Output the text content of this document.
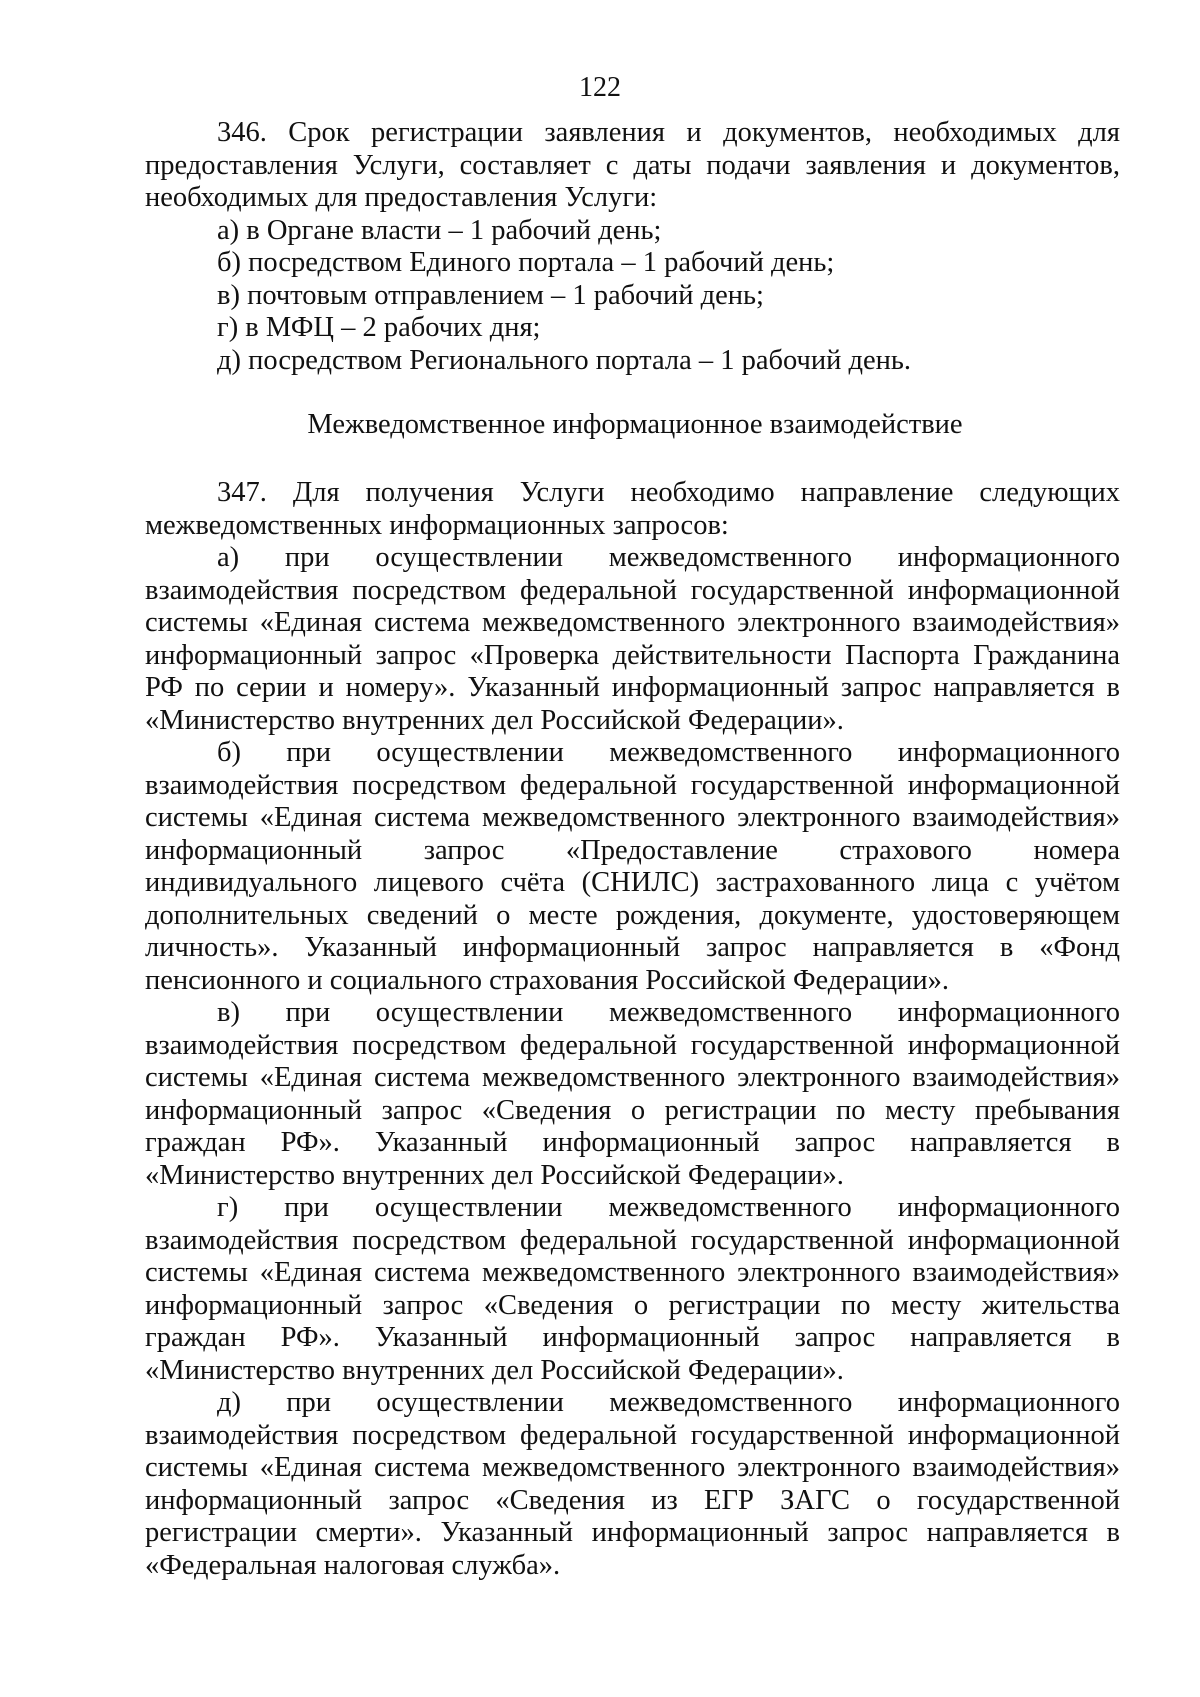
122

346. Срок регистрации заявления и документов, необходимых для предоставления Услуги, составляет с даты подачи заявления и документов, необходимых для предоставления Услуги:

а) в Органе власти – 1 рабочий день;

б) посредством Единого портала – 1 рабочий день;

в) почтовым отправлением – 1 рабочий день;

г) в МФЦ – 2 рабочих дня;

д) посредством Регионального портала – 1 рабочий день.

Межведомственное информационное взаимодействие

347. Для получения Услуги необходимо направление следующих межведомственных информационных запросов:

а) при осуществлении межведомственного информационного взаимодействия посредством федеральной государственной информационной системы «Единая система межведомственного электронного взаимодействия» информационный запрос «Проверка действительности Паспорта Гражданина РФ по серии и номеру». Указанный информационный запрос направляется в «Министерство внутренних дел Российской Федерации».

б) при осуществлении межведомственного информационного взаимодействия посредством федеральной государственной информационной системы «Единая система межведомственного электронного взаимодействия» информационный запрос «Предоставление страхового номера индивидуального лицевого счёта (СНИЛС) застрахованного лица с учётом дополнительных сведений о месте рождения, документе, удостоверяющем личность». Указанный информационный запрос направляется в «Фонд пенсионного и социального страхования Российской Федерации».

в) при осуществлении межведомственного информационного взаимодействия посредством федеральной государственной информационной системы «Единая система межведомственного электронного взаимодействия» информационный запрос «Сведения о регистрации по месту пребывания граждан РФ». Указанный информационный запрос направляется в «Министерство внутренних дел Российской Федерации».

г) при осуществлении межведомственного информационного взаимодействия посредством федеральной государственной информационной системы «Единая система межведомственного электронного взаимодействия» информационный запрос «Сведения о регистрации по месту жительства граждан РФ». Указанный информационный запрос направляется в «Министерство внутренних дел Российской Федерации».

д) при осуществлении межведомственного информационного взаимодействия посредством федеральной государственной информационной системы «Единая система межведомственного электронного взаимодействия» информационный запрос «Сведения из ЕГР ЗАГС о государственной регистрации смерти». Указанный информационный запрос направляется в «Федеральная налоговая служба».
